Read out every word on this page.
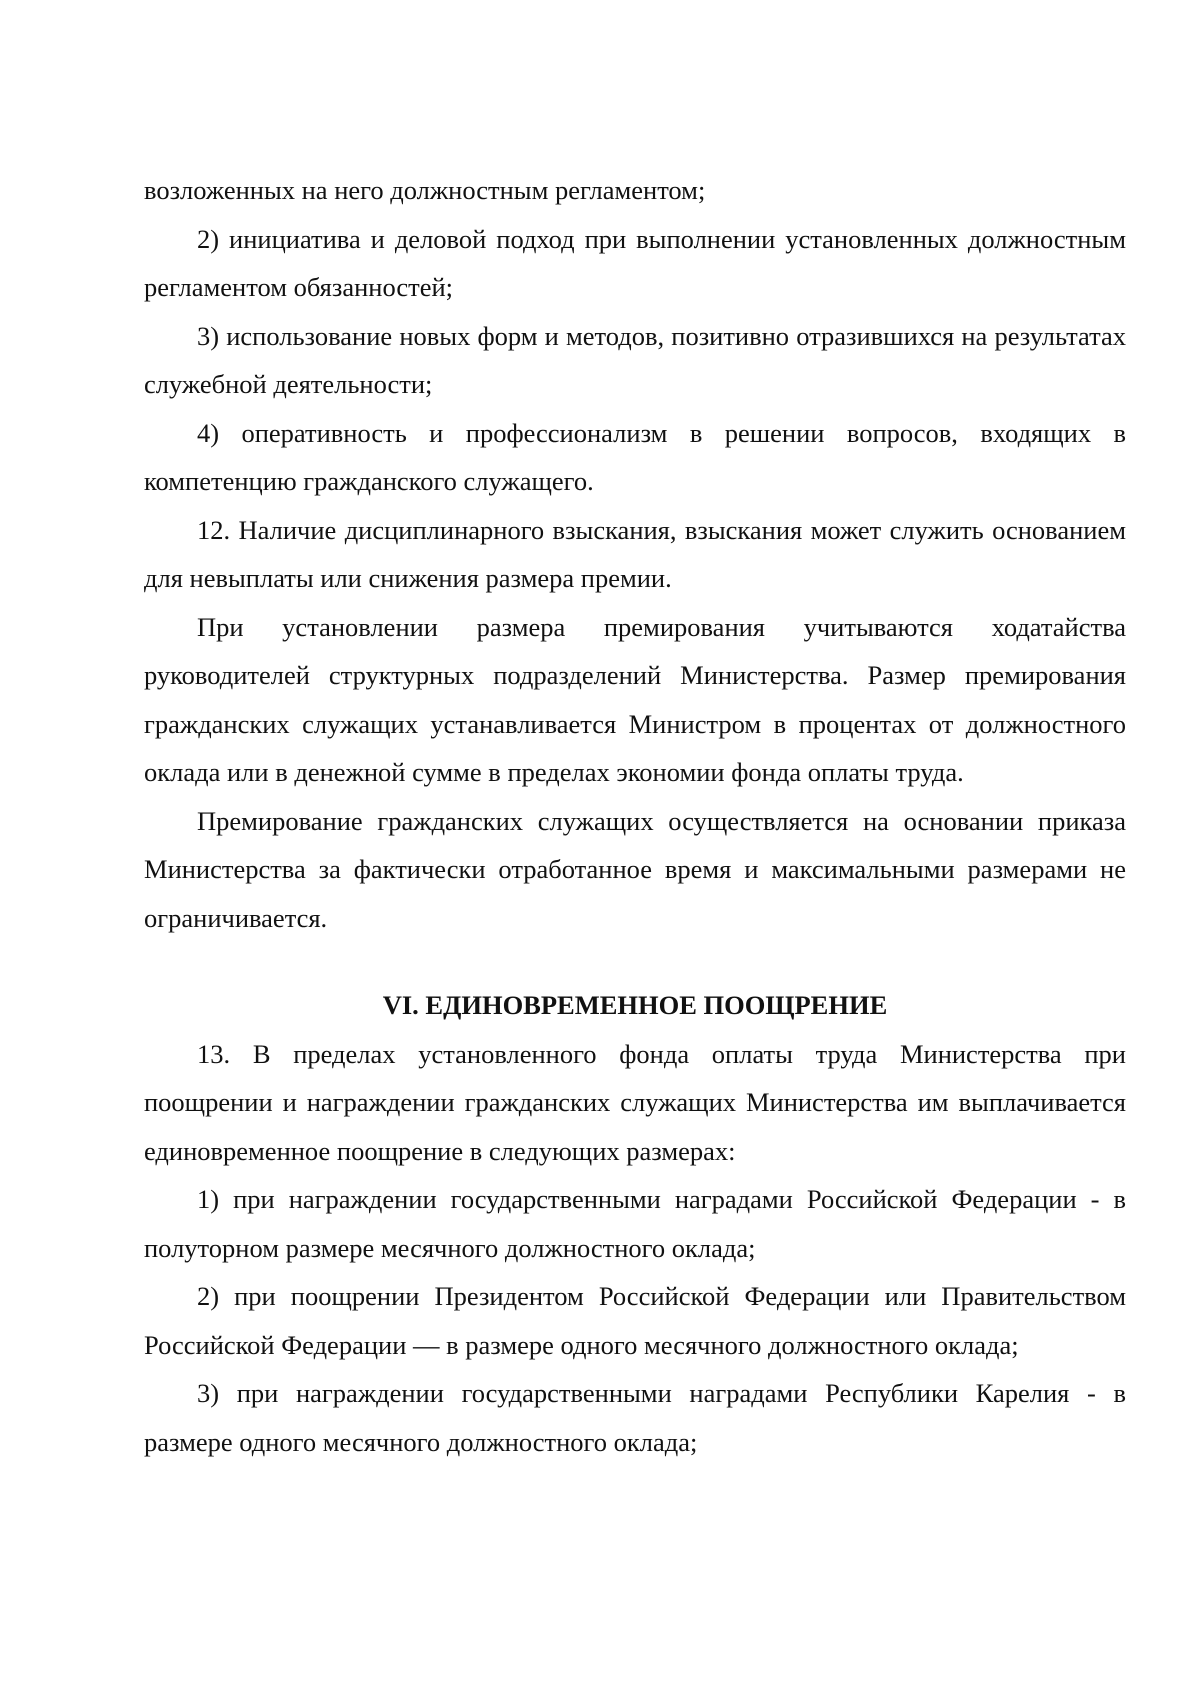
возложенных на него должностным регламентом;

2) инициатива и деловой подход при выполнении установленных должностным регламентом обязанностей;

3) использование новых форм и методов, позитивно отразившихся на результатах служебной деятельности;

4) оперативность и профессионализм в решении вопросов, входящих в компетенцию гражданского служащего.

12. Наличие дисциплинарного взыскания, взыскания может служить основанием для невыплаты или снижения размера премии.

При установлении размера премирования учитываются ходатайства руководителей структурных подразделений Министерства. Размер премирования гражданских служащих устанавливается Министром в процентах от должностного оклада или в денежной сумме в пределах экономии фонда оплаты труда.

Премирование гражданских служащих осуществляется на основании приказа Министерства за фактически отработанное время и максимальными размерами не ограничивается.

VI. ЕДИНОВРЕМЕННОЕ ПООЩРЕНИЕ

13. В пределах установленного фонда оплаты труда Министерства при поощрении и награждении гражданских служащих Министерства им выплачивается единовременное поощрение в следующих размерах:

1) при награждении государственными наградами Российской Федерации - в полуторном размере месячного должностного оклада;

2) при поощрении Президентом Российской Федерации или Правительством Российской Федерации — в размере одного месячного должностного оклада;

3) при награждении государственными наградами Республики Карелия - в размере одного месячного должностного оклада;
